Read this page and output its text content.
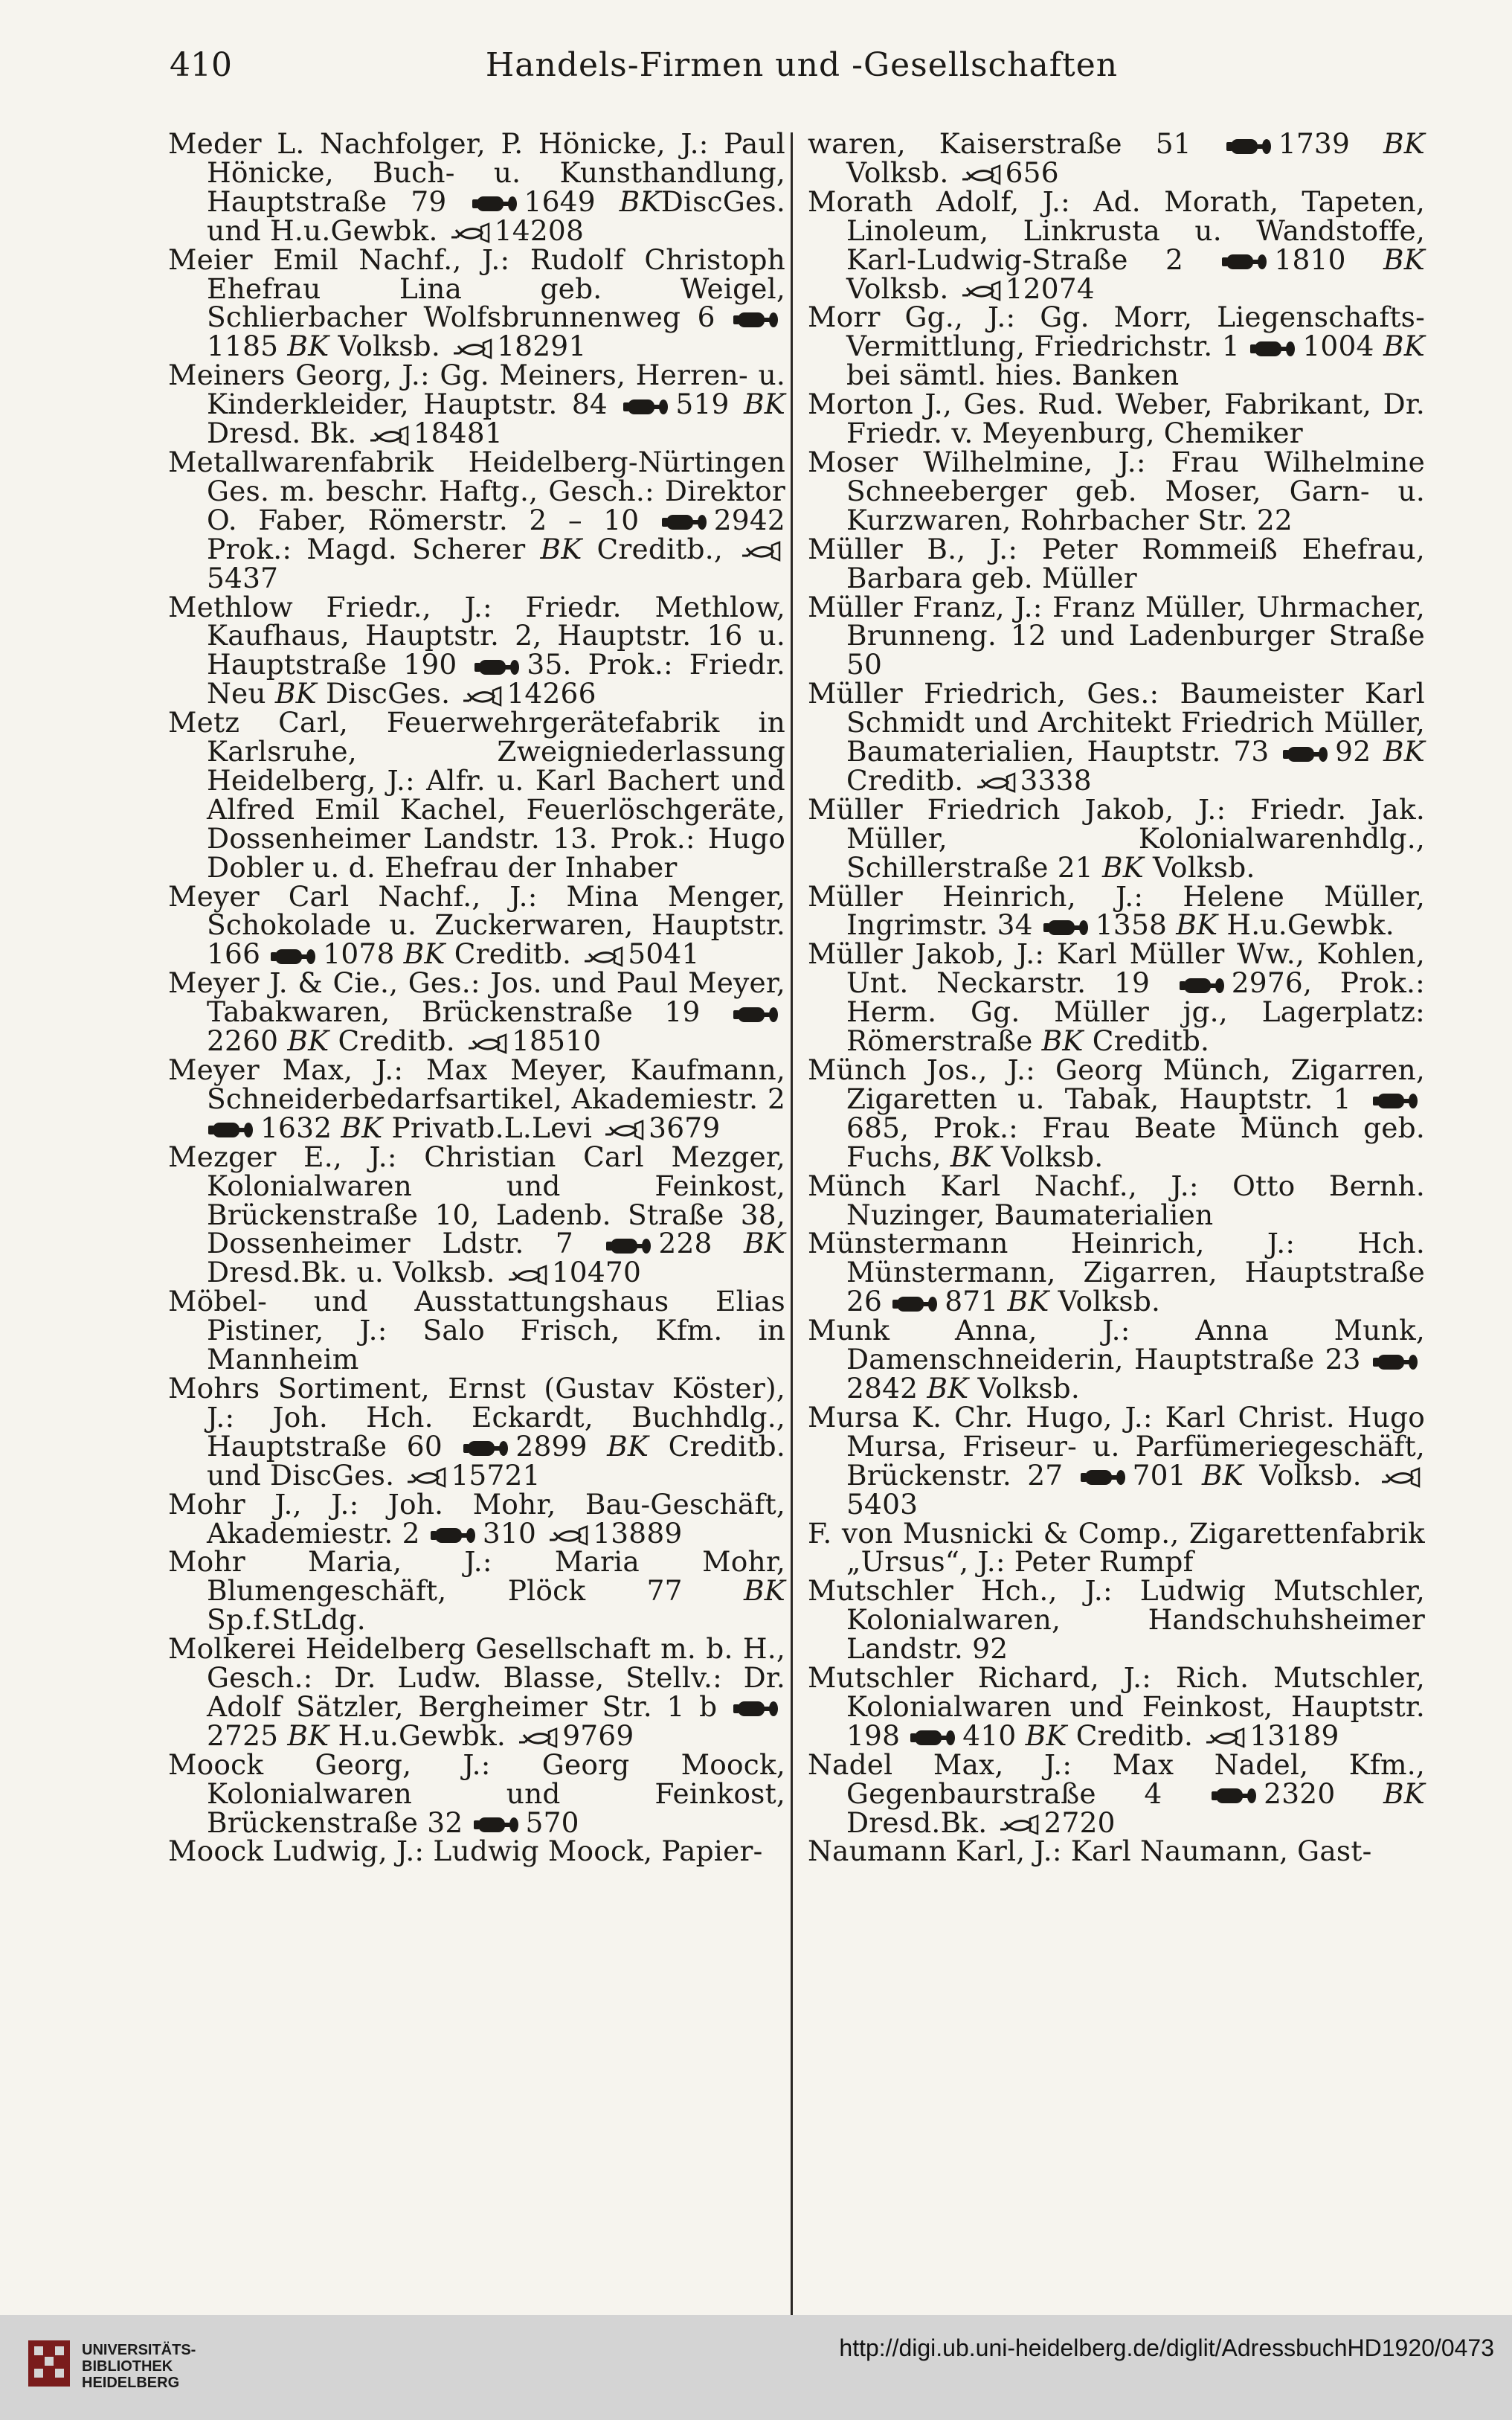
410	Handels-Firmen und -Gesellschaften

Meder L. Nachfolger, P. Hönicke, J.: Paul Hönicke, Buch- u. Kunsthandlung, Hauptstraße 79 1649 BKDiscGes. und H.u.Gewbk. 14208

Meier Emil Nachf., J.: Rudolf Christoph Ehefrau Lina geb. Weigel, Schlierbacher Wolfsbrunnenweg 6 1185 BK Volksb. 18291

Meiners Georg, J.: Gg. Meiners, Herren- u. Kinderkleider, Hauptstr. 84 519 BK Dresd. Bk. 18481

Metallwarenfabrik Heidelberg-Nürtingen Ges. m. beschr. Haftg., Gesch.: Direktor O. Faber, Römerstr. 2 – 10 2942 Prok.: Magd. Scherer BK Creditb., 5437

Methlow Friedr., J.: Friedr. Methlow, Kaufhaus, Hauptstr. 2, Hauptstr. 16 u. Hauptstraße 190 35. Prok.: Friedr. Neu BK DiscGes. 14266

Metz Carl, Feuerwehrgerätefabrik in Karlsruhe, Zweigniederlassung Heidelberg, J.: Alfr. u. Karl Bachert und Alfred Emil Kachel, Feuerlöschgeräte, Dossenheimer Landstr. 13. Prok.: Hugo Dobler u. d. Ehefrau der Inhaber

Meyer Carl Nachf., J.: Mina Menger, Schokolade u. Zuckerwaren, Hauptstr. 166 1078 BK Creditb. 5041

Meyer J. & Cie., Ges.: Jos. und Paul Meyer, Tabakwaren, Brückenstraße 19 2260 BK Creditb. 18510

Meyer Max, J.: Max Meyer, Kaufmann, Schneiderbedarfsartikel, Akademiestr. 2 1632 BK Privatb.L.Levi 3679

Mezger E., J.: Christian Carl Mezger, Kolonialwaren und Feinkost, Brückenstraße 10, Ladenb. Straße 38, Dossenheimer Ldstr. 7 228 BK Dresd.Bk. u. Volksb. 10470

Möbel- und Ausstattungshaus Elias Pistiner, J.: Salo Frisch, Kfm. in Mannheim

Mohrs Sortiment, Ernst (Gustav Köster), J.: Joh. Hch. Eckardt, Buchhdlg., Hauptstraße 60 2899 BK Creditb. und DiscGes. 15721

Mohr J., J.: Joh. Mohr, Bau-Geschäft, Akademiestr. 2 310 13889

Mohr Maria, J.: Maria Mohr, Blumengeschäft, Plöck 77 BK Sp.f.StLdg.

Molkerei Heidelberg Gesellschaft m. b. H., Gesch.: Dr. Ludw. Blasse, Stellv.: Dr. Adolf Sätzler, Bergheimer Str. 1 b 2725 BK H.u.Gewbk. 9769

Moock Georg, J.: Georg Moock, Kolonialwaren und Feinkost, Brückenstraße 32 570

Moock Ludwig, J.: Ludwig Moock, Papier-

waren, Kaiserstraße 51 1739 BK Volksb. 656

Morath Adolf, J.: Ad. Morath, Tapeten, Linoleum, Linkrusta u. Wandstoffe, Karl-Ludwig-Straße 2 1810 BK Volksb. 12074

Morr Gg., J.: Gg. Morr, Liegenschafts-Vermittlung, Friedrichstr. 1 1004 BK bei sämtl. hies. Banken

Morton J., Ges. Rud. Weber, Fabrikant, Dr. Friedr. v. Meyenburg, Chemiker

Moser Wilhelmine, J.: Frau Wilhelmine Schneeberger geb. Moser, Garn- u. Kurzwaren, Rohrbacher Str. 22

Müller B., J.: Peter Rommeiß Ehefrau, Barbara geb. Müller

Müller Franz, J.: Franz Müller, Uhrmacher, Brunneng. 12 und Ladenburger Straße 50

Müller Friedrich, Ges.: Baumeister Karl Schmidt und Architekt Friedrich Müller, Baumaterialien, Hauptstr. 73 92 BK Creditb. 3338

Müller Friedrich Jakob, J.: Friedr. Jak. Müller, Kolonialwarenhdlg., Schillerstraße 21 BK Volksb.

Müller Heinrich, J.: Helene Müller, Ingrimstr. 34 1358 BK H.u.Gewbk.

Müller Jakob, J.: Karl Müller Ww., Kohlen, Unt. Neckarstr. 19 2976, Prok.: Herm. Gg. Müller jg., Lagerplatz: Römerstraße BK Creditb.

Münch Jos., J.: Georg Münch, Zigarren, Zigaretten u. Tabak, Hauptstr. 1 685, Prok.: Frau Beate Münch geb. Fuchs, BK Volksb.

Münch Karl Nachf., J.: Otto Bernh. Nuzinger, Baumaterialien

Münstermann Heinrich, J.: Hch. Münstermann, Zigarren, Hauptstraße 26 871 BK Volksb.

Munk Anna, J.: Anna Munk, Damenschneiderin, Hauptstraße 23 2842 BK Volksb.

Mursa K. Chr. Hugo, J.: Karl Christ. Hugo Mursa, Friseur- u. Parfümeriegeschäft, Brückenstr. 27 701 BK Volksb. 5403

F. von Musnicki & Comp., Zigarettenfabrik „Ursus“, J.: Peter Rumpf

Mutschler Hch., J.: Ludwig Mutschler, Kolonialwaren, Handschuhsheimer Landstr. 92

Mutschler Richard, J.: Rich. Mutschler, Kolonialwaren und Feinkost, Hauptstr. 198 410 BK Creditb. 13189

Nadel Max, J.: Max Nadel, Kfm., Gegenbaurstraße 4 2320 BK Dresd.Bk. 2720

Naumann Karl, J.: Karl Naumann, Gast-

UNIVERSITÄTS-
BIBLIOTHEK
HEIDELBERG
http://digi.ub.uni-heidelberg.de/diglit/AdressbuchHD1920/0473
